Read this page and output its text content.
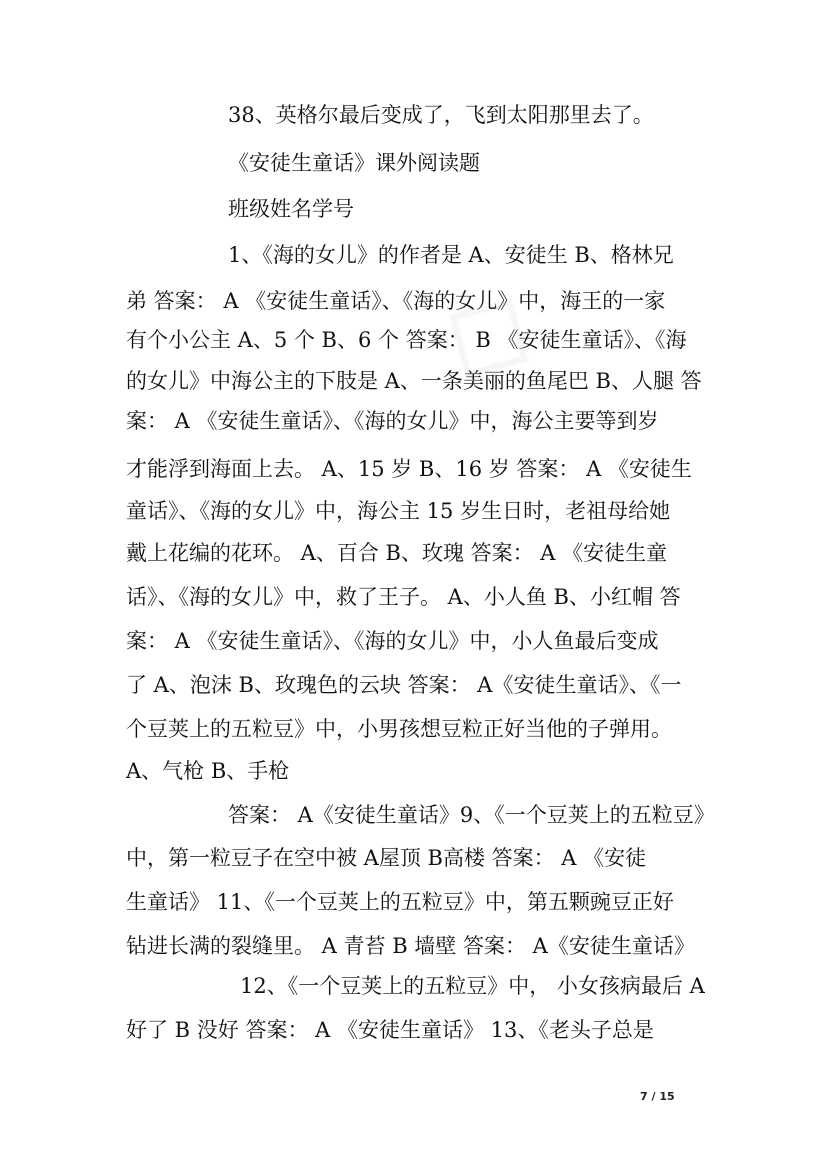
◇
38、英格尔最后变成了，飞到太阳那里去了。
《安徒生童话》课外阅读题
班级姓名学号
1、《海的女儿》的作者是 A、安徒生 B、格林兄
弟 答案： A 《安徒生童话》、《海的女儿》中，海王的一家
有个小公主 A、5 个 B、6 个 答案： B 《安徒生童话》、《海
的女儿》中海公主的下肢是 A、一条美丽的鱼尾巴 B、人腿 答
案： A 《安徒生童话》、《海的女儿》中，海公主要等到岁
才能浮到海面上去。 A、15 岁 B、16 岁 答案： A 《安徒生
童话》、《海的女儿》中，海公主 15 岁生日时，老祖母给她
戴上花编的花环。 A、百合 B、玫瑰 答案： A 《安徒生童
话》、《海的女儿》中，救了王子。 A、小人鱼 B、小红帽 答
案： A 《安徒生童话》、《海的女儿》中，小人鱼最后变成
了 A、泡沫 B、玫瑰色的云块 答案： A《安徒生童话》、《一
个豆荚上的五粒豆》中，小男孩想豆粒正好当他的子弹用。
A、气枪 B、手枪
答案： A《安徒生童话》9、《一个豆荚上的五粒豆》
中，第一粒豆子在空中被 A屋顶 B高楼 答案： A 《安徒
生童话》 11、《一个豆荚上的五粒豆》中，第五颗豌豆正好
钻进长满的裂缝里。 A 青苔 B 墙壁 答案： A《安徒生童话》
12、《一个豆荚上的五粒豆》中， 小女孩病最后 A
好了 B 没好 答案： A 《安徒生童话》 13、《老头子总是
7 / 15
